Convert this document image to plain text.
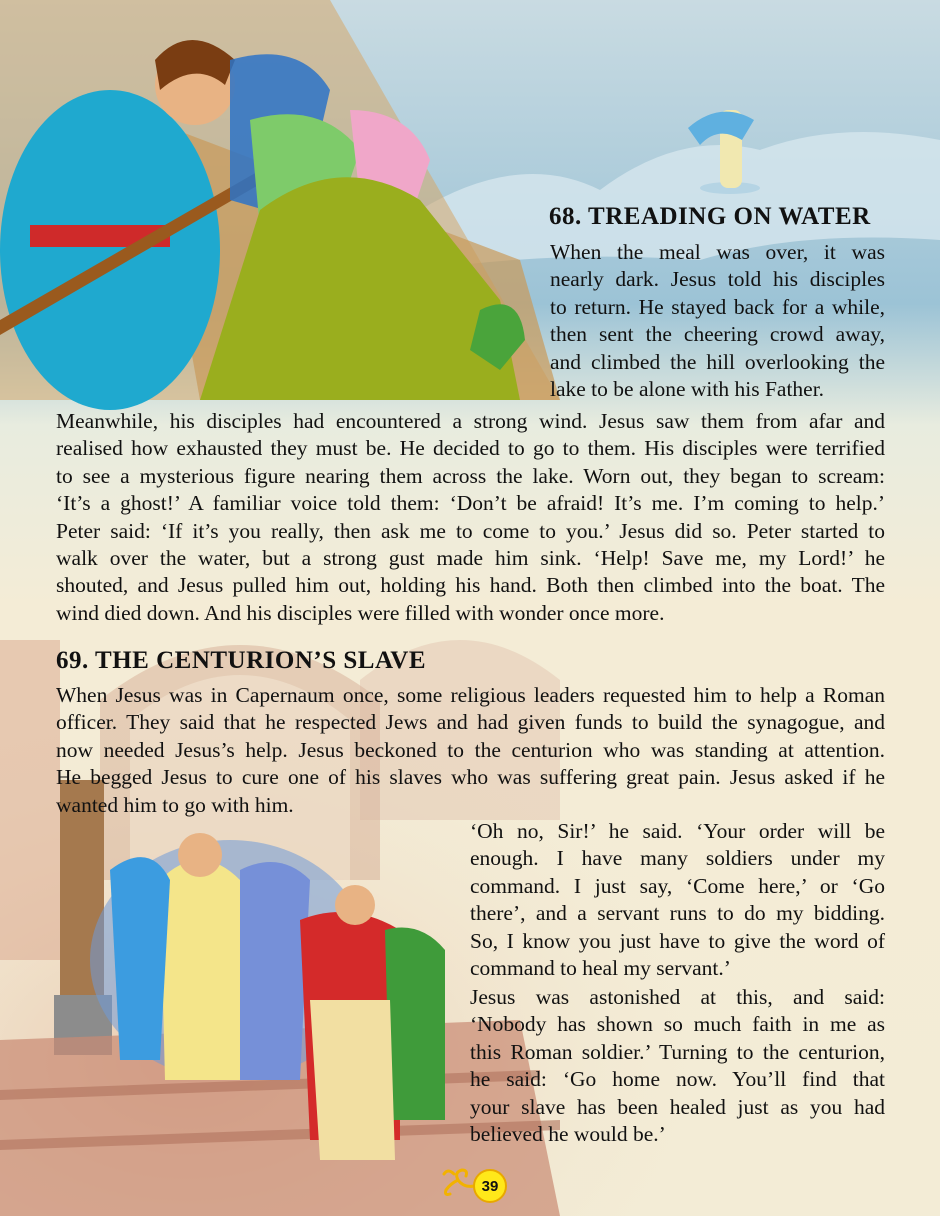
68. TREADING ON WATER
When the meal was over, it was
nearly dark. Jesus told his disciples
to return. He stayed back for a while,
then sent the cheering crowd away,
and climbed the hill overlooking the
lake to be alone with his Father.
Meanwhile, his disciples had encountered a strong wind. Jesus saw them from afar and
realised how exhausted they must be. He decided to go to them. His disciples were terrified
to see a mysterious figure nearing them across the lake. Worn out, they began to scream:
‘It’s a ghost!’ A familiar voice told them: ‘Don’t be afraid! It’s me. I’m coming to help.’
Peter said: ‘If it’s you really, then ask me to come to you.’ Jesus did so. Peter started to
walk over the water, but a strong gust made him sink. ‘Help! Save me, my Lord!’ he
shouted, and Jesus pulled him out, holding his hand. Both then climbed into the boat. The
wind died down. And his disciples were filled with wonder once more.
69. THE CENTURION’S SLAVE
When Jesus was in Capernaum once, some religious leaders requested him to help a Roman
officer. They said that he respected Jews and had given funds to build the synagogue, and
now needed Jesus’s help. Jesus beckoned to the centurion who was standing at attention.
He begged Jesus to cure one of his slaves who was suffering great pain. Jesus asked if he
wanted him to go with him.
‘Oh no, Sir!’ he said. ‘Your order will be
enough. I have many soldiers under my
command. I just say, ‘Come here,’ or ‘Go
there’, and a servant runs to do my bidding.
So, I know you just have to give the word of
command to heal my servant.’
Jesus was astonished at this, and said:
‘Nobody has shown so much faith in me as
this Roman soldier.’ Turning to the centurion,
he said: ‘Go home now. You’ll find that
your slave has been healed just as you had
believed he would be.’
39
